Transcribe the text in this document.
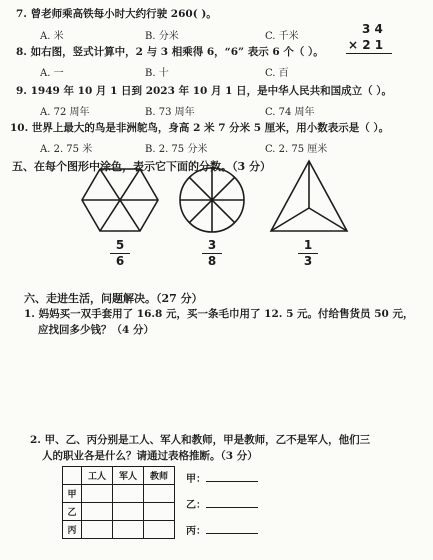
7. 曾老师乘高铁每小时大约行驶 260( )。
A. 米	B. 分米	C. 千米
3 4
× 2 1
8. 如右图，竖式计算中，2 与 3 相乘得 6，“6” 表示 6 个（ ）。
A. 一	B. 十	C. 百
9. 1949 年 10 月 1 日到 2023 年 10 月 1 日，是中华人民共和国成立（ ）。
A. 72 周年	B. 73 周年	C. 74 周年
10. 世界上最大的鸟是非洲鸵鸟，身高 2 米 7 分米 5 厘米，用小数表示是（ ）。
A. 2. 75 米	B. 2. 75 分米	C. 2. 75 厘米
五、在每个图形中涂色，表示它下面的分数。（3 分）
5
6
3
8
1
3
六、走进生活，问题解决。（27 分）
1. 妈妈买一双手套用了 16.8 元，买一条毛巾用了 12. 5 元。付给售货员 50 元，
应找回多少钱？（4 分）
2. 甲、乙、丙分别是工人、军人和教师，甲是教师，乙不是军人，他们三
人的职业各是什么？请通过表格推断。（3 分）
	工人	军人	教师
甲			
乙			
丙			
甲：
乙：
丙：
